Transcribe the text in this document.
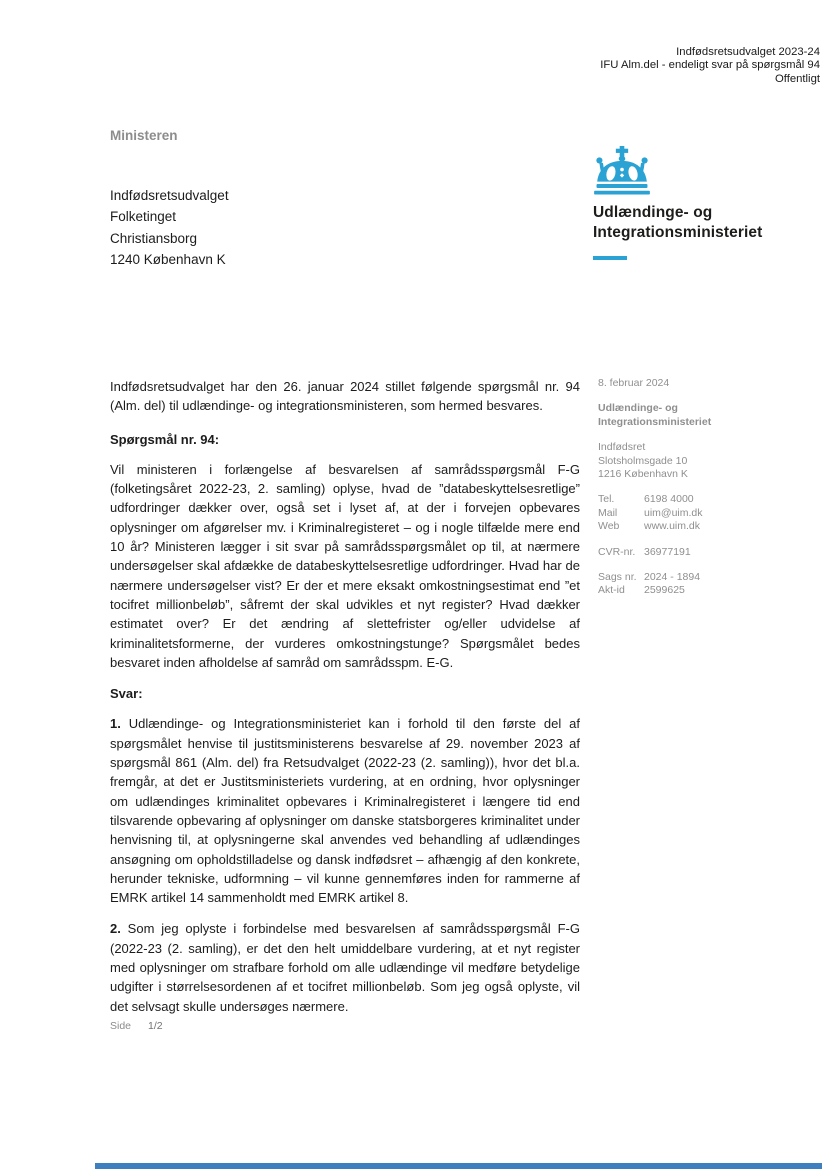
Indfødsretsudvalget 2023-24
IFU Alm.del - endeligt svar på spørgsmål 94
Offentligt
Ministeren
Indfødsretsudvalget
Folketinget
Christiansborg
1240 København K
Udlændinge- og
Integrationsministeriet

Indfødsretsudvalget har den 26. januar 2024 stillet følgende spørgsmål nr. 94 (Alm. del) til udlændinge- og integrationsministeren, som hermed besvares.

Spørgsmål nr. 94:

Vil ministeren i forlængelse af besvarelsen af samrådsspørgsmål F-G (folketingsåret 2022-23, 2. samling) oplyse, hvad de ”databeskyttelsesretlige” udfordringer dækker over, også set i lyset af, at der i forvejen opbevares oplysninger om afgørelser mv. i Kriminalregisteret – og i nogle tilfælde mere end 10 år? Ministeren lægger i sit svar på samrådsspørgsmålet op til, at nærmere undersøgelser skal afdække de databeskyttelsesretlige udfordringer. Hvad har de nærmere undersøgelser vist? Er der et mere eksakt omkostningsestimat end ”et tocifret millionbeløb”, såfremt der skal udvikles et nyt register? Hvad dækker estimatet over? Er det ændring af slettefrister og/eller udvidelse af kriminalitetsformerne, der vurderes omkostningstunge? Spørgsmålet bedes besvaret inden afholdelse af samråd om samrådsspm. E-G.

Svar:

1. Udlændinge- og Integrationsministeriet kan i forhold til den første del af spørgsmålet henvise til justitsministerens besvarelse af 29. november 2023 af spørgsmål 861 (Alm. del) fra Retsudvalget (2022-23 (2. samling)), hvor det bl.a. fremgår, at det er Justitsministeriets vurdering, at en ordning, hvor oplysninger om udlændinges kriminalitet opbevares i Kriminalregisteret i længere tid end tilsvarende opbevaring af oplysninger om danske statsborgeres kriminalitet under henvisning til, at oplysningerne skal anvendes ved behandling af udlændinges ansøgning om opholdstilladelse og dansk indfødsret – afhængig af den konkrete, herunder tekniske, udformning – vil kunne gennemføres inden for rammerne af EMRK artikel 14 sammenholdt med EMRK artikel 8.

2. Som jeg oplyste i forbindelse med besvarelsen af samrådsspørgsmål F-G (2022-23 (2. samling), er det den helt umiddelbare vurdering, at et nyt register med oplysninger om strafbare forhold om alle udlændinge vil medføre betydelige udgifter i størrelsesordenen af et tocifret millionbeløb. Som jeg også oplyste, vil det selvsagt skulle undersøges nærmere.

8. februar 2024
Udlændinge- og
Integrationsministeriet
Indfødsret
Slotsholmsgade 10
1216 København K
Tel.	6198 4000
Mail	uim@uim.dk
Web	www.uim.dk
CVR-nr. 36977191
Sags nr. 2024 - 1894
Akt-id	2599625
Side 1/2
